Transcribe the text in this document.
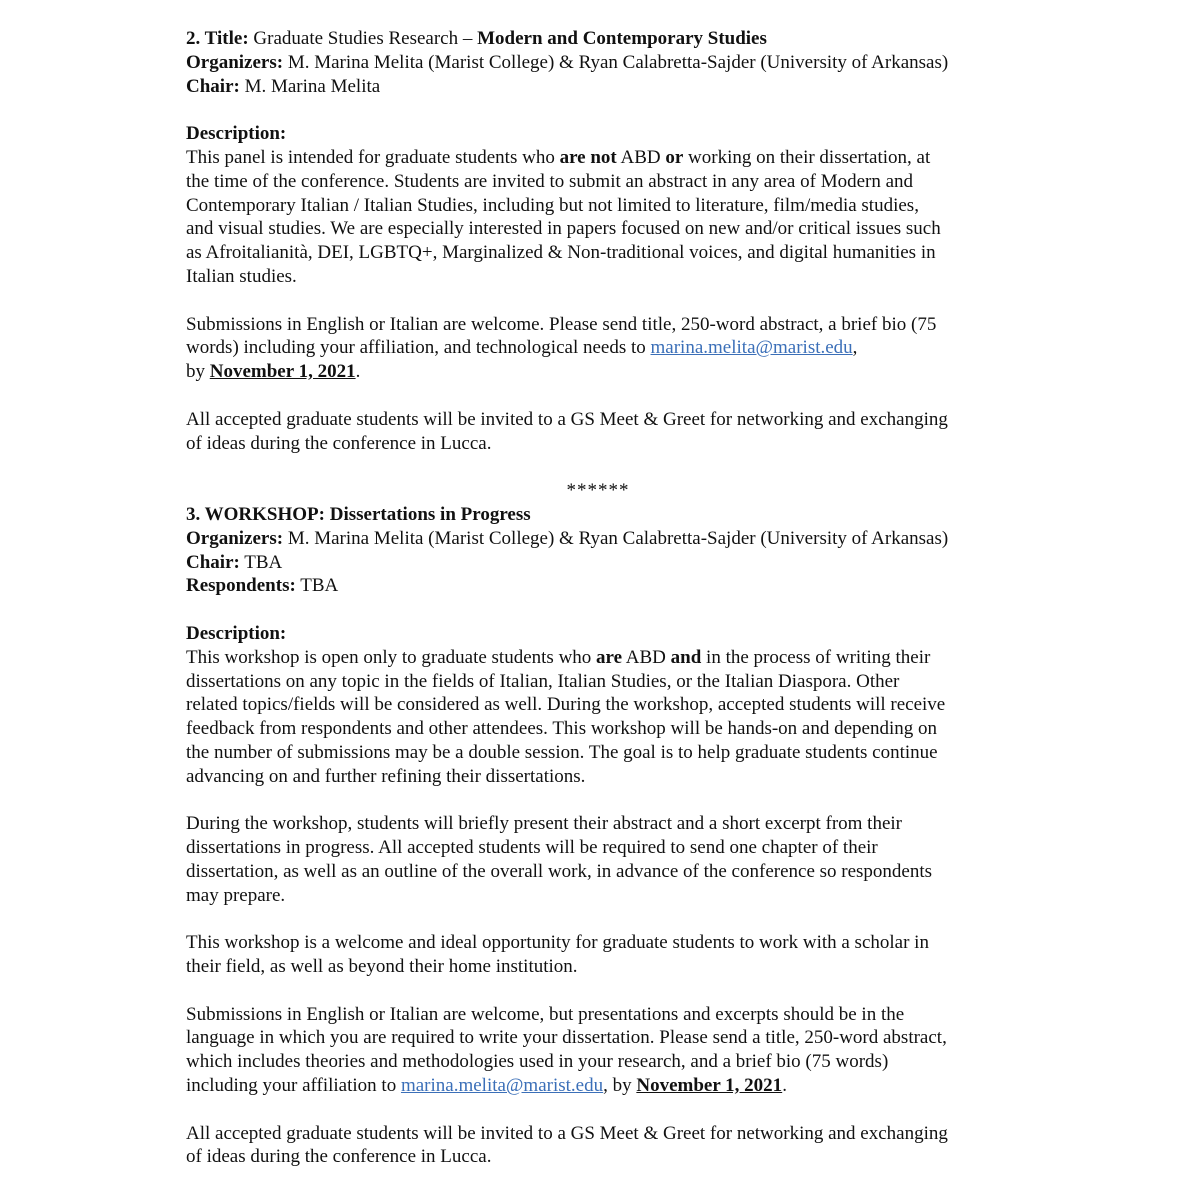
2. Title: Graduate Studies Research – Modern and Contemporary Studies
Organizers: M. Marina Melita (Marist College) & Ryan Calabretta-Sajder (University of Arkansas)
Chair: M. Marina Melita
Description:
This panel is intended for graduate students who are not ABD or working on their dissertation, at
the time of the conference. Students are invited to submit an abstract in any area of Modern and
Contemporary Italian / Italian Studies, including but not limited to literature, film/media studies,
and visual studies. We are especially interested in papers focused on new and/or critical issues such
as Afroitalianità, DEI, LGBTQ+, Marginalized & Non-traditional voices, and digital humanities in
Italian studies.
Submissions in English or Italian are welcome. Please send title, 250-word abstract, a brief bio (75
words) including your affiliation, and technological needs to marina.melita@marist.edu,
by November 1, 2021.
All accepted graduate students will be invited to a GS Meet & Greet for networking and exchanging
of ideas during the conference in Lucca.
******
3. WORKSHOP: Dissertations in Progress
Organizers: M. Marina Melita (Marist College) & Ryan Calabretta-Sajder (University of Arkansas)
Chair: TBA
Respondents: TBA
Description:
This workshop is open only to graduate students who are ABD and in the process of writing their
dissertations on any topic in the fields of Italian, Italian Studies, or the Italian Diaspora. Other
related topics/fields will be considered as well. During the workshop, accepted students will receive
feedback from respondents and other attendees. This workshop will be hands-on and depending on
the number of submissions may be a double session. The goal is to help graduate students continue
advancing on and further refining their dissertations.
During the workshop, students will briefly present their abstract and a short excerpt from their
dissertations in progress. All accepted students will be required to send one chapter of their
dissertation, as well as an outline of the overall work, in advance of the conference so respondents
may prepare.
This workshop is a welcome and ideal opportunity for graduate students to work with a scholar in
their field, as well as beyond their home institution.
Submissions in English or Italian are welcome, but presentations and excerpts should be in the
language in which you are required to write your dissertation. Please send a title, 250-word abstract,
which includes theories and methodologies used in your research, and a brief bio (75 words)
including your affiliation to marina.melita@marist.edu, by November 1, 2021.
All accepted graduate students will be invited to a GS Meet & Greet for networking and exchanging
of ideas during the conference in Lucca.
